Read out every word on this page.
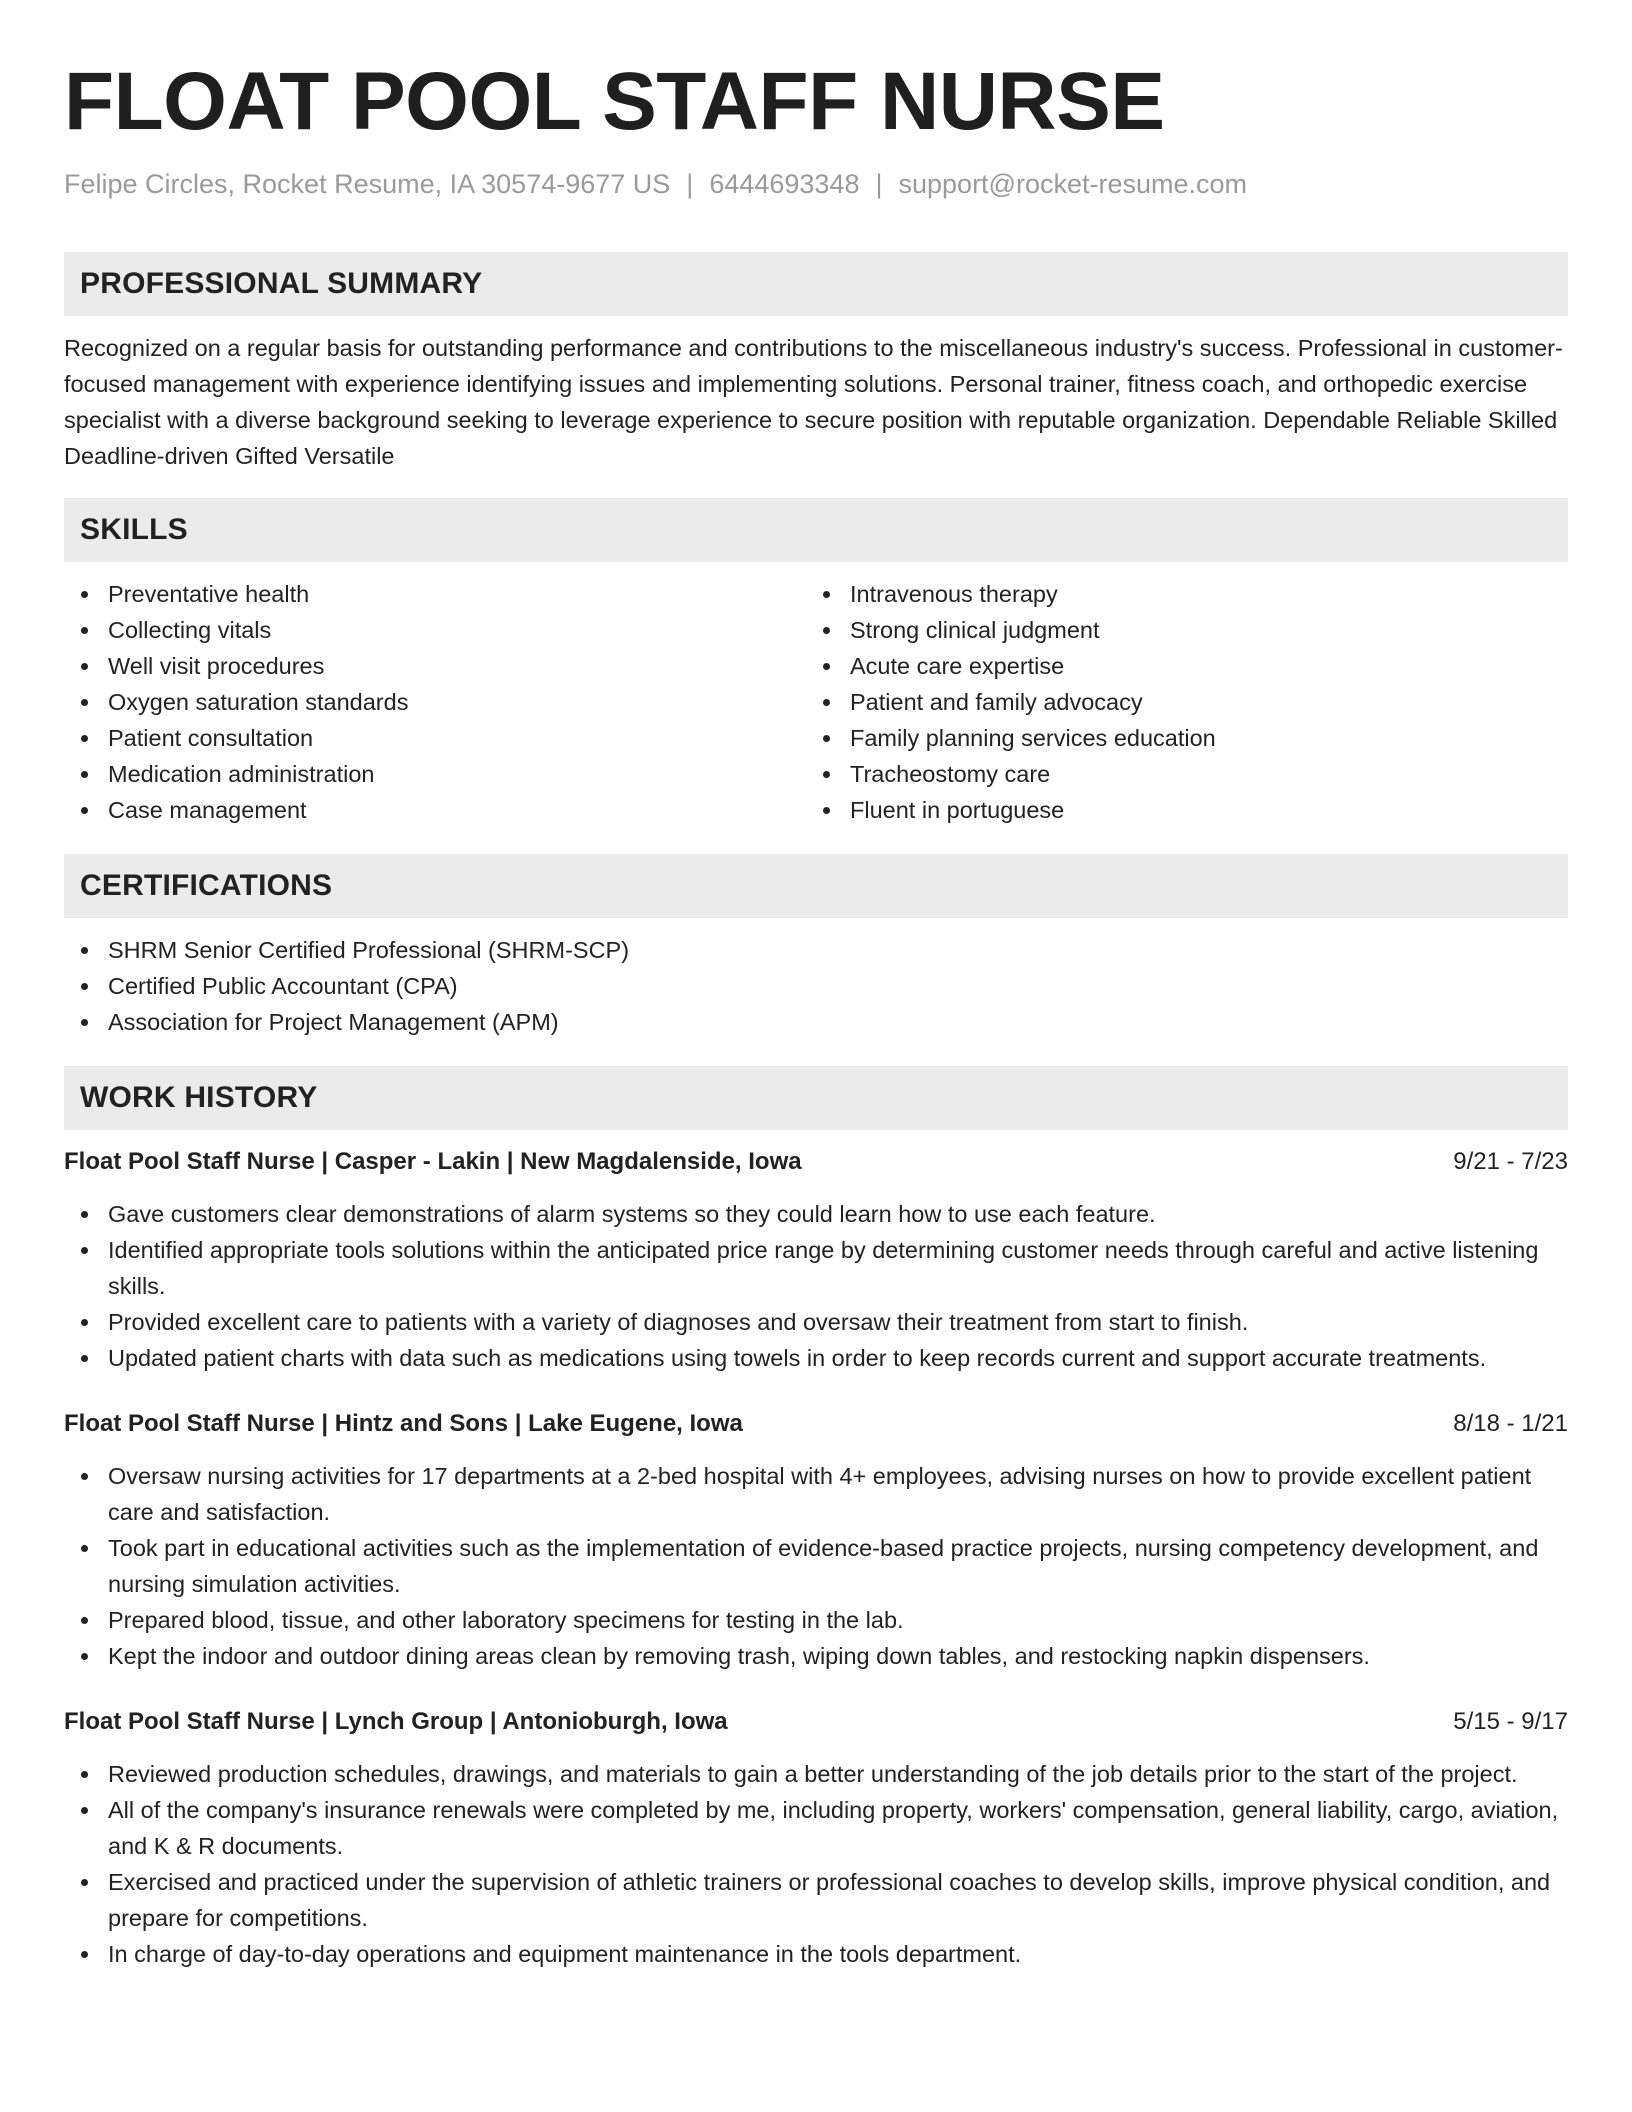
FLOAT POOL STAFF NURSE
Felipe Circles, Rocket Resume, IA 30574-9677 US | 6444693348 | support@rocket-resume.com
PROFESSIONAL SUMMARY

Recognized on a regular basis for outstanding performance and contributions to the miscellaneous industry's success. Professional in customer-focused management with experience identifying issues and implementing solutions. Personal trainer, fitness coach, and orthopedic exercise specialist with a diverse background seeking to leverage experience to secure position with reputable organization. Dependable Reliable Skilled Deadline-driven Gifted Versatile

SKILLS
Preventative health
Collecting vitals
Well visit procedures
Oxygen saturation standards
Patient consultation
Medication administration
Case management
Intravenous therapy
Strong clinical judgment
Acute care expertise
Patient and family advocacy
Family planning services education
Tracheostomy care
Fluent in portuguese
CERTIFICATIONS
SHRM Senior Certified Professional (SHRM-SCP)
Certified Public Accountant (CPA)
Association for Project Management (APM)
WORK HISTORY
Float Pool Staff Nurse | Casper - Lakin | New Magdalenside, Iowa	9/21 - 7/23
Gave customers clear demonstrations of alarm systems so they could learn how to use each feature.
Identified appropriate tools solutions within the anticipated price range by determining customer needs through careful and active listening skills.
Provided excellent care to patients with a variety of diagnoses and oversaw their treatment from start to finish.
Updated patient charts with data such as medications using towels in order to keep records current and support accurate treatments.
Float Pool Staff Nurse | Hintz and Sons | Lake Eugene, Iowa	8/18 - 1/21
Oversaw nursing activities for 17 departments at a 2-bed hospital with 4+ employees, advising nurses on how to provide excellent patient care and satisfaction.
Took part in educational activities such as the implementation of evidence-based practice projects, nursing competency development, and nursing simulation activities.
Prepared blood, tissue, and other laboratory specimens for testing in the lab.
Kept the indoor and outdoor dining areas clean by removing trash, wiping down tables, and restocking napkin dispensers.
Float Pool Staff Nurse | Lynch Group | Antonioburgh, Iowa	5/15 - 9/17
Reviewed production schedules, drawings, and materials to gain a better understanding of the job details prior to the start of the project.
All of the company's insurance renewals were completed by me, including property, workers' compensation, general liability, cargo, aviation, and K & R documents.
Exercised and practiced under the supervision of athletic trainers or professional coaches to develop skills, improve physical condition, and prepare for competitions.
In charge of day-to-day operations and equipment maintenance in the tools department.
